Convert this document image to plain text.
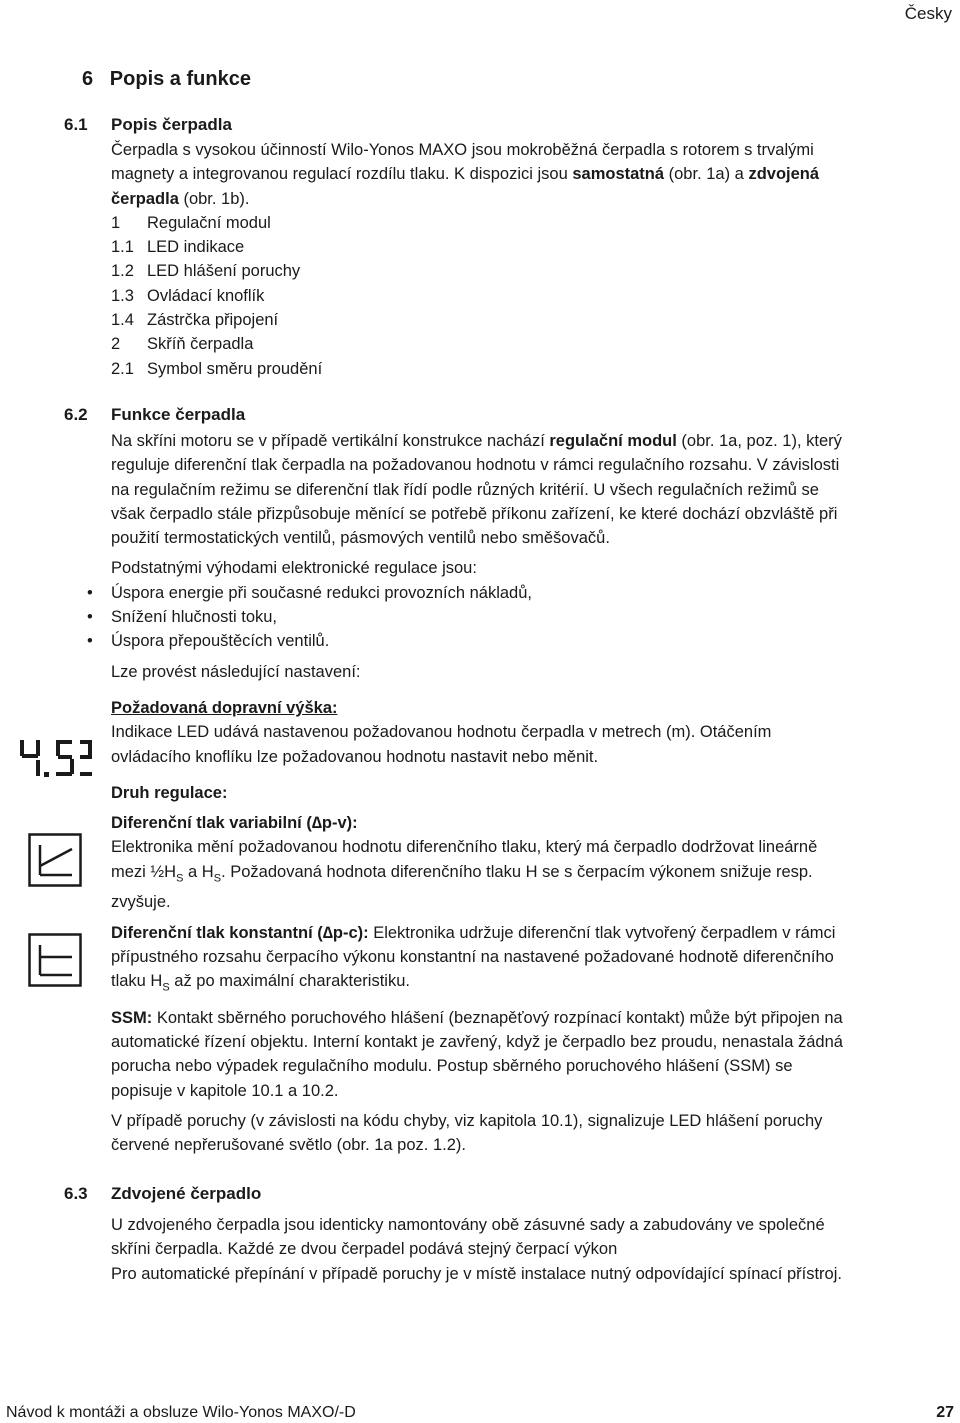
Česky
6 Popis a funkce
6.1 Popis čerpadla

Čerpadla s vysokou účinností Wilo-Yonos MAXO jsou mokroběžná čerpadla s rotorem s trvalými magnety a integrovanou regulací rozdílu tlaku. K dispozici jsou samostatná (obr. 1a) a zdvojená čerpadla (obr. 1b).

1	Regulační modul
1.1 LED indikace
1.2 LED hlášení poruchy
1.3 Ovládací knoflík
1.4 Zástrčka připojení
2	Skříň čerpadla
2.1 Symbol směru proudění
6.2 Funkce čerpadla

Na skříni motoru se v případě vertikální konstrukce nachází regulační modul (obr. 1a, poz. 1), který reguluje diferenční tlak čerpadla na požadovanou hodnotu v rámci regulačního rozsahu. V závislosti na regulačním režimu se diferenční tlak řídí podle různých kritérií. U všech regulačních režimů se však čerpadlo stále přizpůsobuje měnící se potřebě příkonu zařízení, ke které dochází obzvláště při použití termostatických ventilů, pásmových ventilů nebo směšovačů.

Podstatnými výhodami elektronické regulace jsou:

• Úspora energie při současné redukci provozních nákladů,
• Snížení hlučnosti toku,
• Úspora přepouštěcích ventilů.

Lze provést následující nastavení:

Požadovaná dopravní výška:

Indikace LED udává nastavenou požadovanou hodnotu čerpadla v metrech (m). Otáčením ovládacího knoflíku lze požadovanou hodnotu nastavit nebo měnit.

Druh regulace:

Diferenční tlak variabilní (∆p-v):

Elektronika mění požadovanou hodnotu diferenčního tlaku, který má čerpadlo dodržovat lineárně mezi $\frac{1}{2}H_S$ a $H_S$. Požadovaná hodnota diferenčního tlaku H se s čerpacím výkonem snižuje resp. zvyšuje.

Diferenční tlak konstantní (∆p-c): Elektronika udržuje diferenční tlak vytvořený čerpadlem v rámci přípustného rozsahu čerpacího výkonu konstantní na nastavené požadované hodnotě diferenčního tlaku $H_S$ až po maximální charakteristiku.

SSM: Kontakt sběrného poruchového hlášení (beznapěťový rozpínací kontakt) může být připojen na automatické řízení objektu. Interní kontakt je zavřený, když je čerpadlo bez proudu, nenastala žádná porucha nebo výpadek regulačního modulu. Postup sběrného poruchového hlášení (SSM) se popisuje v kapitole 10.1 a 10.2.

V případě poruchy (v závislosti na kódu chyby, viz kapitola 10.1), signalizuje LED hlášení poruchy červené nepřerušované světlo (obr. 1a poz. 1.2).

6.3 Zdvojené čerpadlo

U zdvojeného čerpadla jsou identicky namontovány obě zásuvné sady a zabudovány ve společné skříni čerpadla. Každé ze dvou čerpadel podává stejný čerpací výkon

Pro automatické přepínání v případě poruchy je v místě instalace nutný odpovídající spínací přístroj.

Návod k montáži a obsluze Wilo-Yonos MAXO/-D	27
